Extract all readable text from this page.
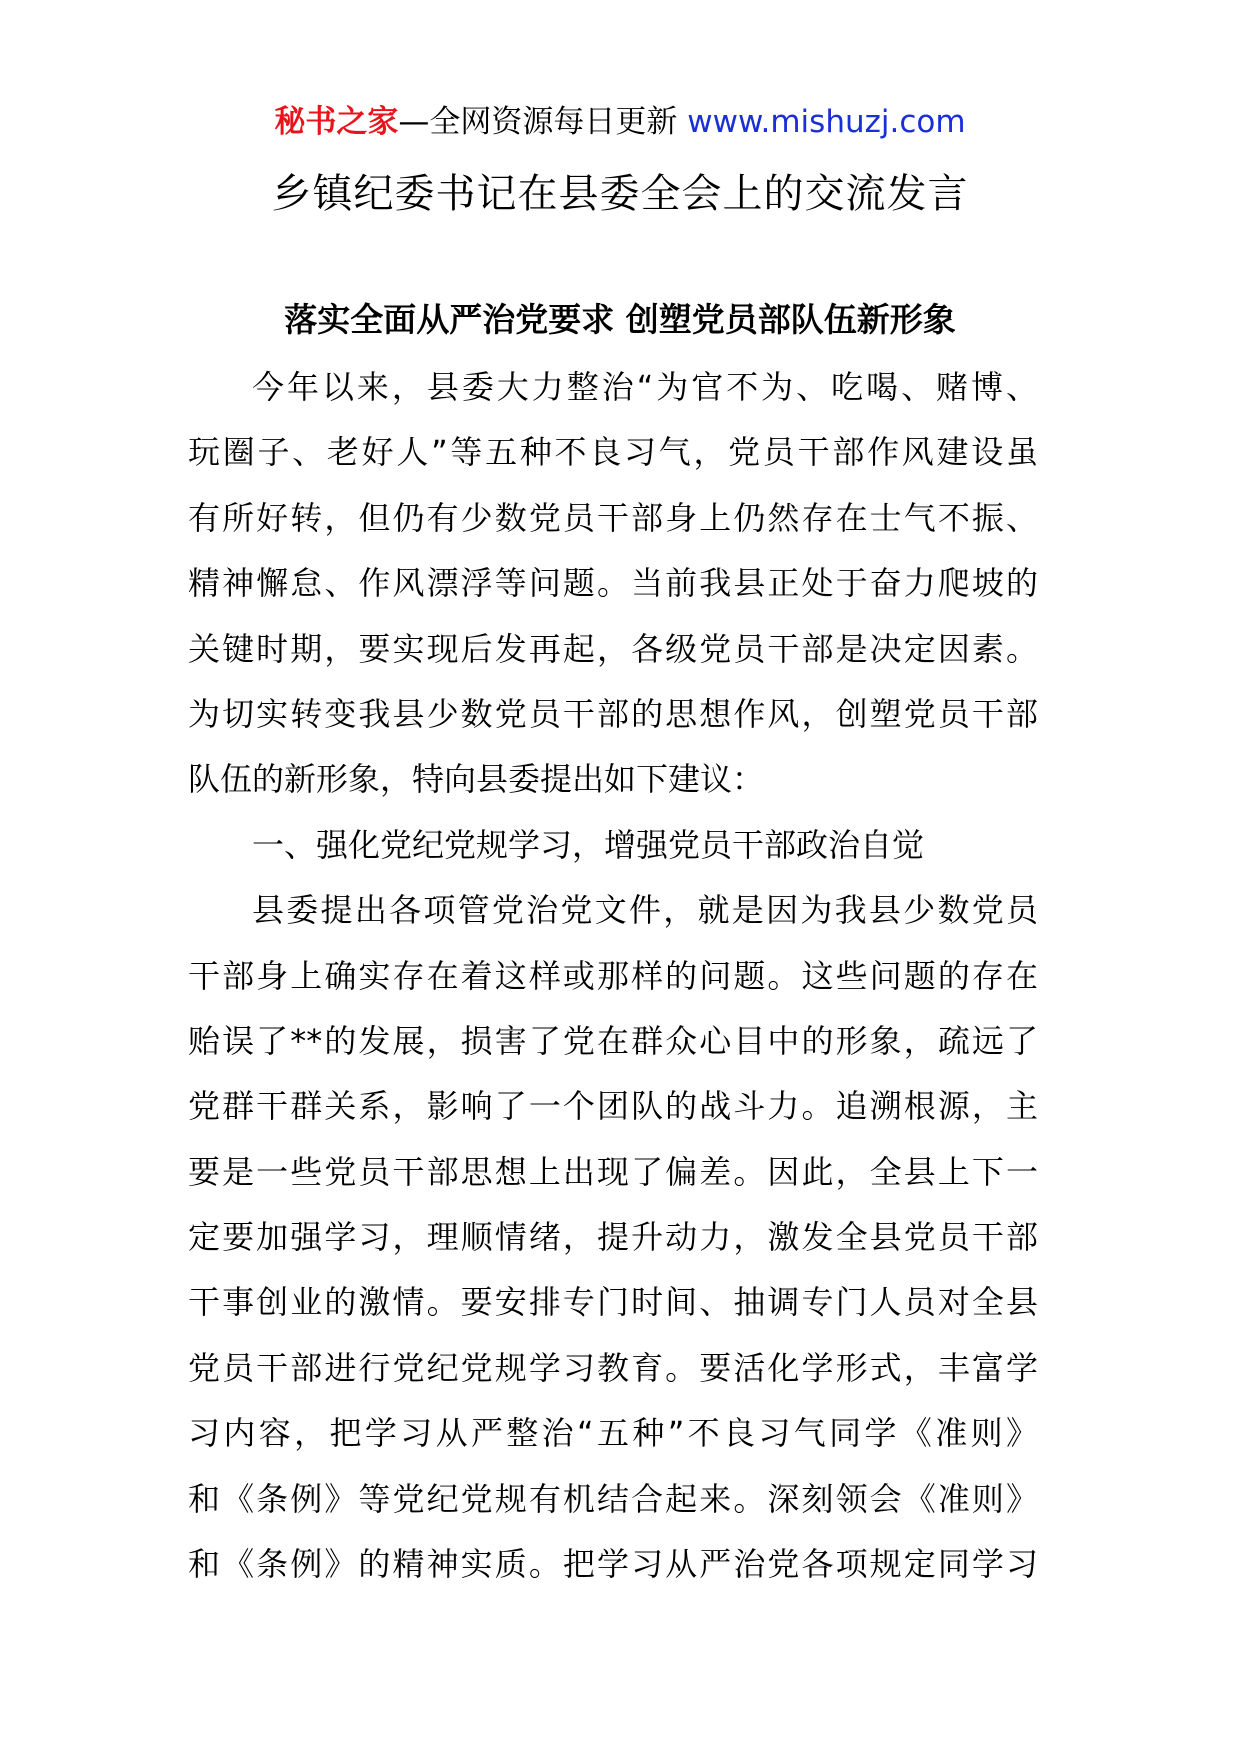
秘书之家—全网资源每日更新 www.mishuzj.com
乡镇纪委书记在县委全会上的交流发言
落实全面从严治党要求 创塑党员部队伍新形象
今年以来，县委大力整治“为官不为、吃喝、赌博、
玩圈子、老好人”等五种不良习气，党员干部作风建设虽
有所好转，但仍有少数党员干部身上仍然存在士气不振、
精神懈怠、作风漂浮等问题。当前我县正处于奋力爬坡的
关键时期，要实现后发再起，各级党员干部是决定因素。
为切实转变我县少数党员干部的思想作风，创塑党员干部
队伍的新形象，特向县委提出如下建议：
一、强化党纪党规学习，增强党员干部政治自觉
县委提出各项管党治党文件，就是因为我县少数党员
干部身上确实存在着这样或那样的问题。这些问题的存在
贻误了**的发展，损害了党在群众心目中的形象，疏远了
党群干群关系，影响了一个团队的战斗力。追溯根源，主
要是一些党员干部思想上出现了偏差。因此，全县上下一
定要加强学习，理顺情绪，提升动力，激发全县党员干部
干事创业的激情。要安排专门时间、抽调专门人员对全县
党员干部进行党纪党规学习教育。要活化学形式，丰富学
习内容，把学习从严整治“五种”不良习气同学《准则》
和《条例》等党纪党规有机结合起来。深刻领会《准则》
和《条例》的精神实质。把学习从严治党各项规定同学习
